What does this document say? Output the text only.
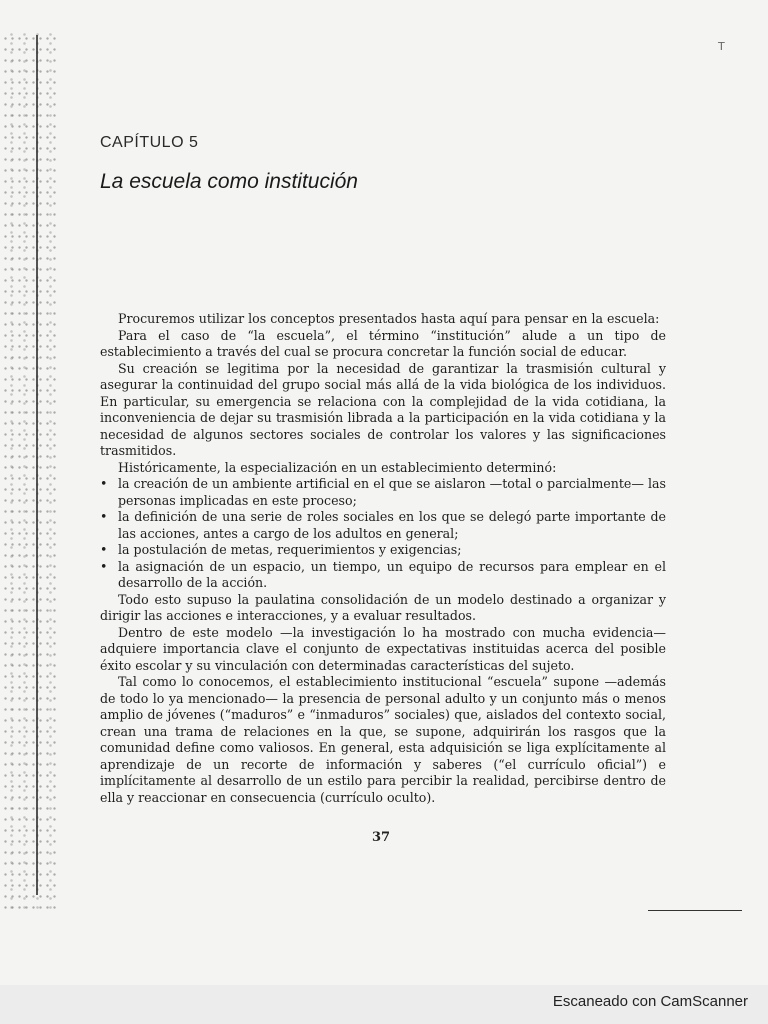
T
CAPÍTULO 5
La escuela como institución

Procuremos utilizar los conceptos presentados hasta aquí para pensar en la escuela:

Para el caso de “la escuela”, el término “institución” alude a un tipo de establecimiento a través del cual se procura concretar la función social de educar.

Su creación se legitima por la necesidad de garantizar la trasmisión cultural y asegurar la continuidad del grupo social más allá de la vida biológica de los individuos. En particular, su emergencia se relaciona con la complejidad de la vida cotidiana, la inconveniencia de dejar su trasmisión librada a la participación en la vida cotidiana y la necesidad de algunos sectores sociales de controlar los valores y las significaciones trasmitidos.

Históricamente, la especialización en un establecimiento determinó:

• la creación de un ambiente artificial en el que se aislaron —total o parcialmente— las personas implicadas en este proceso;
• la definición de una serie de roles sociales en los que se delegó parte importante de las acciones, antes a cargo de los adultos en general;
• la postulación de metas, requerimientos y exigencias;
• la asignación de un espacio, un tiempo, un equipo de recursos para emplear en el desarrollo de la acción.

Todo esto supuso la paulatina consolidación de un modelo destinado a organizar y dirigir las acciones e interacciones, y a evaluar resultados.

Dentro de este modelo —la investigación lo ha mostrado con mucha evidencia— adquiere importancia clave el conjunto de expectativas instituidas acerca del posible éxito escolar y su vinculación con determinadas características del sujeto.

Tal como lo conocemos, el establecimiento institucional “escuela” supone —además de todo lo ya mencionado— la presencia de personal adulto y un conjunto más o menos amplio de jóvenes (“maduros” e “inmaduros” sociales) que, aislados del contexto social, crean una trama de relaciones en la que, se supone, adquirirán los rasgos que la comunidad define como valiosos. En general, esta adquisición se liga explícitamente al aprendizaje de un recorte de información y saberes (“el currículo oficial”) e implícitamente al desarrollo de un estilo para percibir la realidad, percibirse dentro de ella y reaccionar en consecuencia (currículo oculto).

37
Escaneado con CamScanner
